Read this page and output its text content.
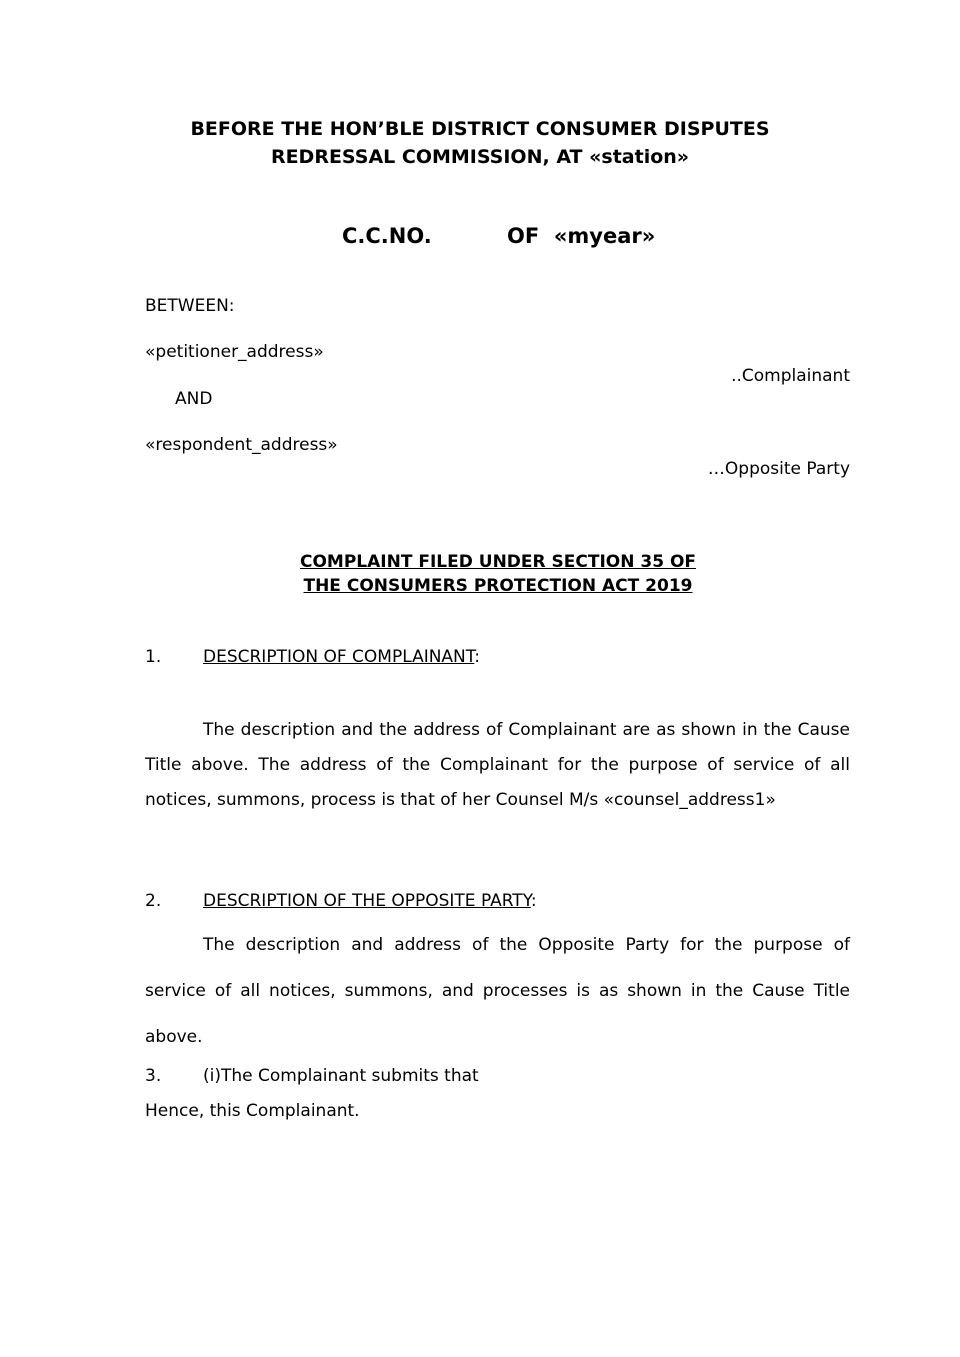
BEFORE THE HON’BLE DISTRICT CONSUMER DISPUTES
REDRESSAL COMMISSION, AT «station»
C.C.NO.	OF  «myear»
BETWEEN:
«petitioner_address»
..Complainant
AND
«respondent_address»
…Opposite Party
COMPLAINT FILED UNDER SECTION 35 OF
THE CONSUMERS PROTECTION ACT 2019
1. DESCRIPTION OF COMPLAINANT:
The description and the address of Complainant are as shown in the Cause Title above. The address of the Complainant for the purpose of service of all notices, summons, process is that of her Counsel M/s «counsel_address1»
2. DESCRIPTION OF THE OPPOSITE PARTY:
The description and address of the Opposite Party for the purpose of service of all notices, summons, and processes is as shown in the Cause Title above.
3. (i)The Complainant submits that
Hence, this Complainant.
